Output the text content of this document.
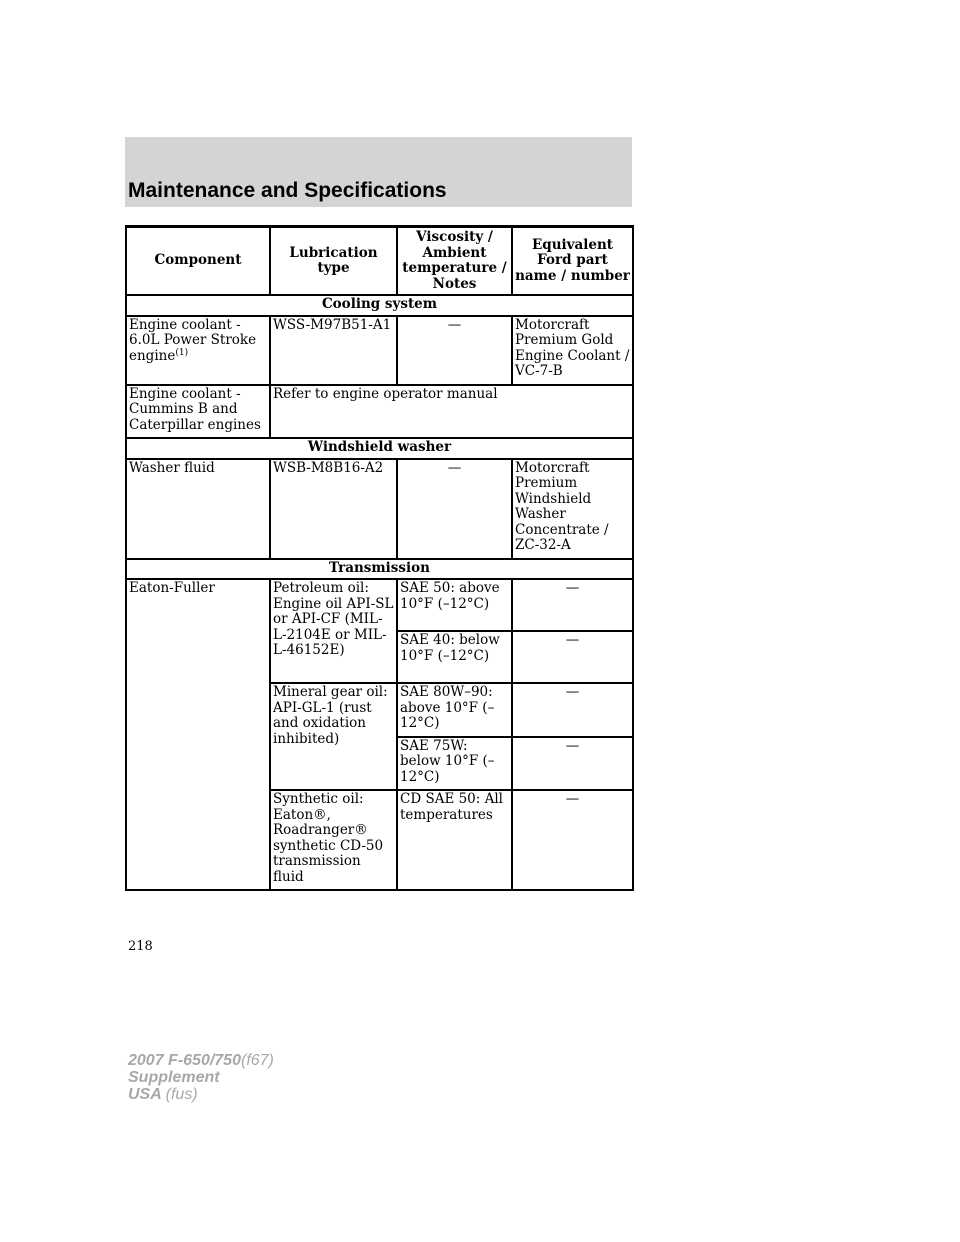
Maintenance and Specifications
Component	Lubrication type	Viscosity / Ambient temperature / Notes	Equivalent Ford part name / number
Cooling system			
Engine coolant - 6.0L Power Stroke engine$^{(1)}$	WSS-M97B51-A1	—	Motorcraft Premium Gold Engine Coolant / VC-7-B
Engine coolant - Cummins B and Caterpillar engines	Refer to engine operator manual		
Windshield washer			
Washer fluid	WSB-M8B16-A2	—	Motorcraft Premium Windshield Washer Concentrate / ZC-32-A
Transmission			
Eaton-Fuller	Petroleum oil: Engine oil API-SL or API-CF (MIL-L-2104E or MIL-L-46152E)	SAE 50: above 10°F (–12°C)	—
		SAE 40: below 10°F (–12°C)	—
	Mineral gear oil: API-GL-1 (rust and oxidation inhibited)	SAE 80W–90: above 10°F (–12°C)	—
		SAE 75W: below 10°F (–12°C)	—
	Synthetic oil: Eaton®, Roadranger® synthetic CD-50 transmission fluid	CD SAE 50: All temperatures	—
218
2007 F-650/750(f67)
Supplement
USA (fus)
